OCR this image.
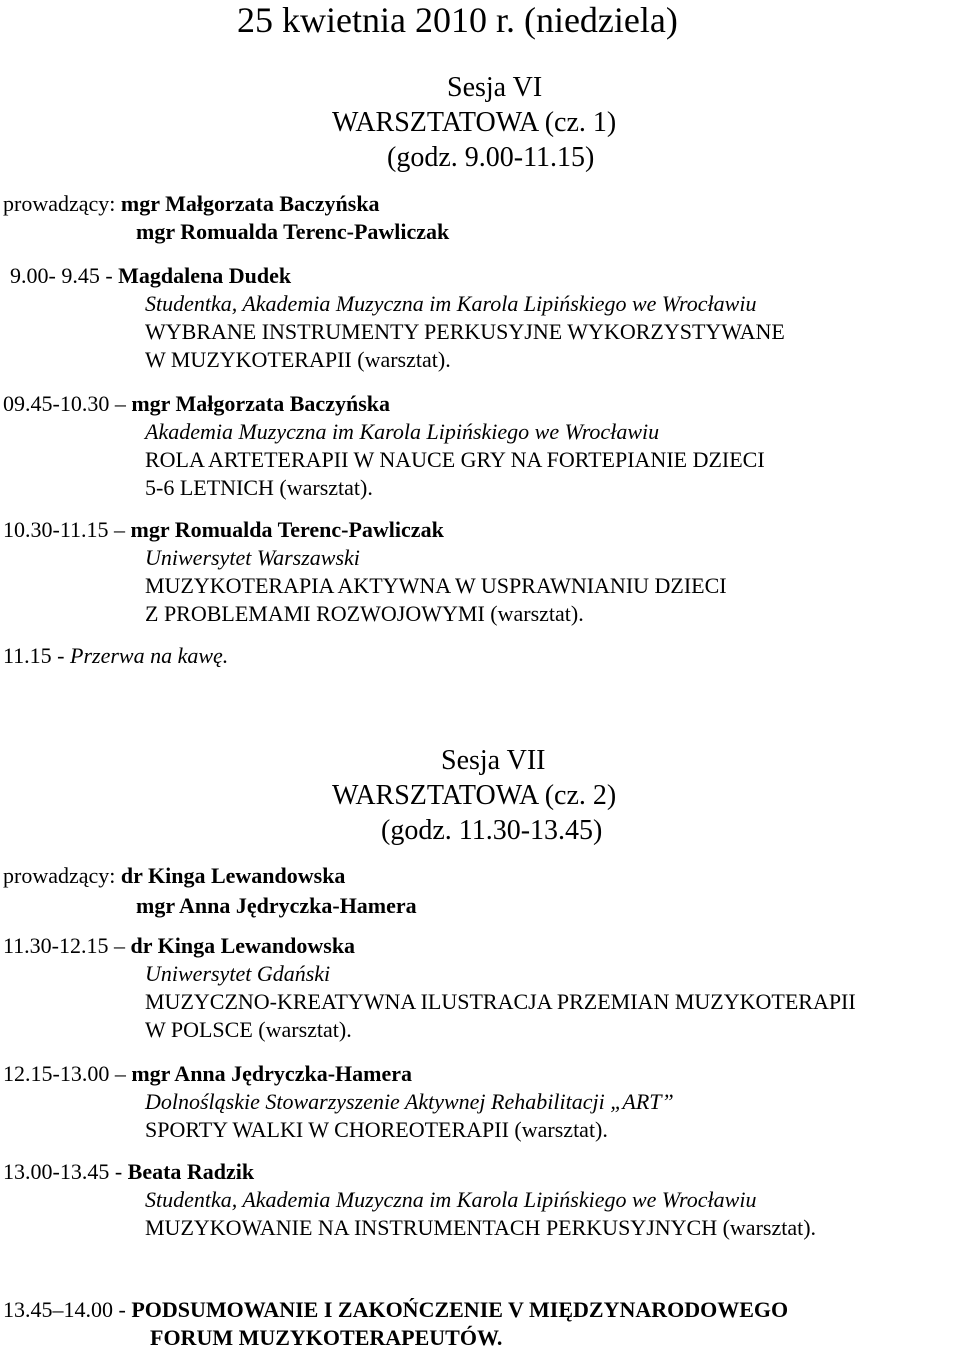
25 kwietnia 2010 r. (niedziela)
Sesja VI
WARSZTATOWA (cz. 1)
(godz. 9.00-11.15)
prowadzący: mgr Małgorzata Baczyńska
mgr Romualda Terenc-Pawliczak
9.00- 9.45 - Magdalena Dudek
Studentka, Akademia Muzyczna im Karola Lipińskiego we Wrocławiu
WYBRANE INSTRUMENTY PERKUSYJNE WYKORZYSTYWANE
W MUZYKOTERAPII (warsztat).
09.45-10.30 – mgr Małgorzata Baczyńska
Akademia Muzyczna im Karola Lipińskiego we Wrocławiu
ROLA ARTETERAPII W NAUCE GRY NA FORTEPIANIE DZIECI
5-6 LETNICH (warsztat).
10.30-11.15 – mgr Romualda Terenc-Pawliczak
Uniwersytet Warszawski
MUZYKOTERAPIA AKTYWNA W USPRAWNIANIU DZIECI
Z PROBLEMAMI ROZWOJOWYMI (warsztat).
11.15 - Przerwa na kawę.
Sesja VII
WARSZTATOWA (cz. 2)
(godz. 11.30-13.45)
prowadzący: dr Kinga Lewandowska
mgr Anna Jędryczka-Hamera
11.30-12.15 – dr Kinga Lewandowska
Uniwersytet Gdański
MUZYCZNO-KREATYWNA ILUSTRACJA PRZEMIAN MUZYKOTERAPII
W POLSCE (warsztat).
12.15-13.00 – mgr Anna Jędryczka-Hamera
Dolnośląskie Stowarzyszenie Aktywnej Rehabilitacji „ART”
SPORTY WALKI W CHOREOTERAPII (warsztat).
13.00-13.45 - Beata Radzik
Studentka, Akademia Muzyczna im Karola Lipińskiego we Wrocławiu
MUZYKOWANIE NA INSTRUMENTACH PERKUSYJNYCH (warsztat).
13.45–14.00 - PODSUMOWANIE I ZAKOŃCZENIE V MIĘDZYNARODOWEGO
FORUM MUZYKOTERAPEUTÓW.
